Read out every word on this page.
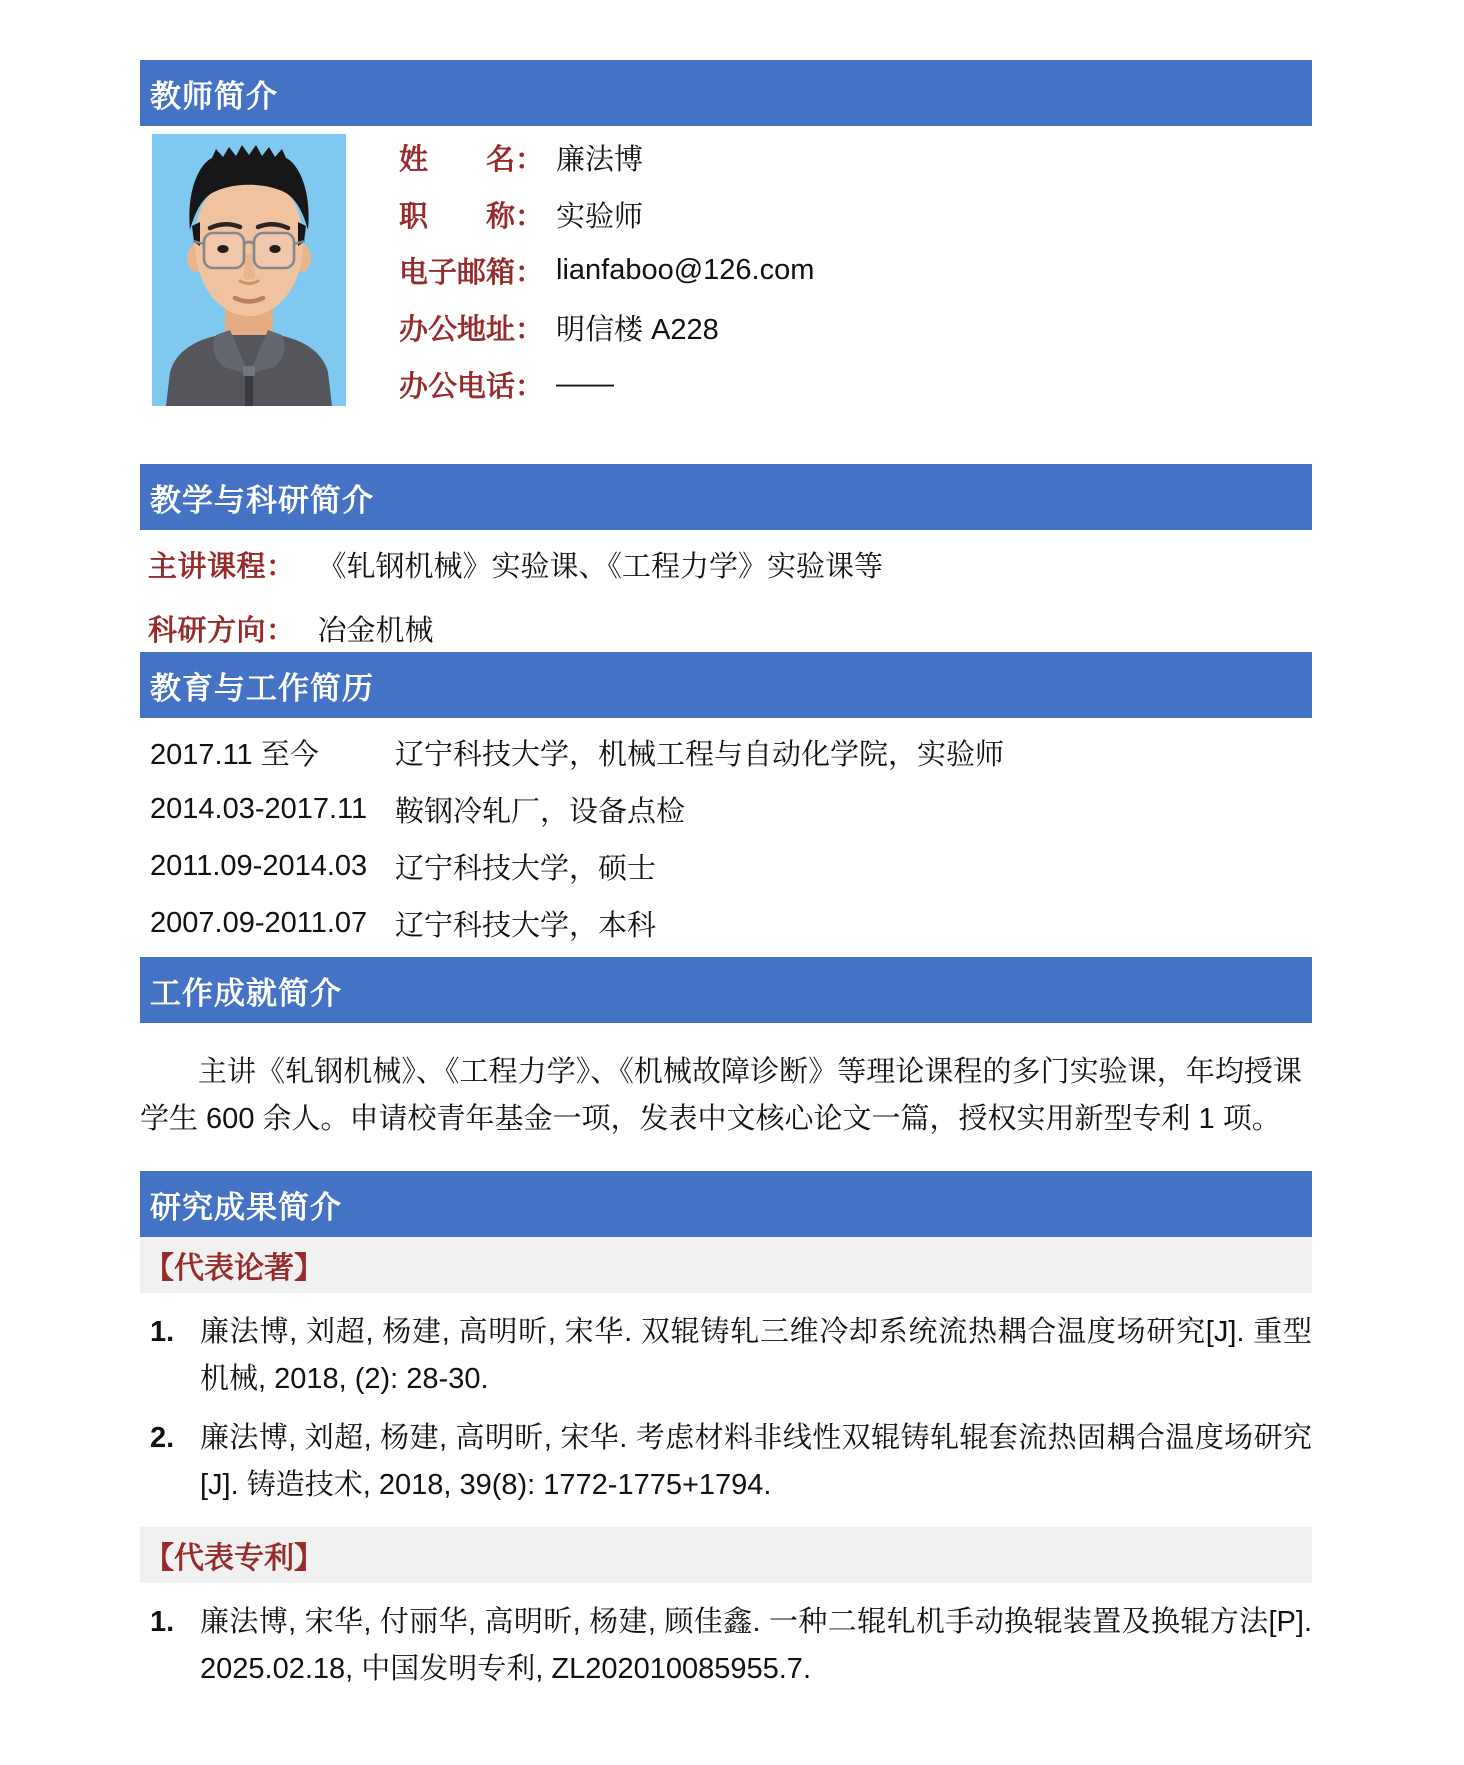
教师简介
姓　　名： 廉法博
职　　称： 实验师
电子邮箱： lianfaboo@126.com
办公地址： 明信楼 A228
办公电话： ——
教学与科研简介
主讲课程： 《轧钢机械》实验课、《工程力学》实验课等
科研方向： 冶金机械
教育与工作简历
2017.11 至今	辽宁科技大学，机械工程与自动化学院，实验师
2014.03-2017.11 鞍钢冷轧厂，设备点检
2011.09-2014.03 辽宁科技大学，硕士
2007.09-2011.07 辽宁科技大学，本科
工作成就简介

主讲《轧钢机械》、《工程力学》、《机械故障诊断》等理论课程的多门实验课，年均授课学生 600 余人。申请校青年基金一项，发表中文核心论文一篇，授权实用新型专利 1 项。

研究成果简介
【代表论著】
1. 廉法博, 刘超, 杨建, 高明昕, 宋华. 双辊铸轧三维冷却系统流热耦合温度场研究[J]. 重型机械, 2018, (2): 28-30.
2. 廉法博, 刘超, 杨建, 高明昕, 宋华. 考虑材料非线性双辊铸轧辊套流热固耦合温度场研究[J]. 铸造技术, 2018, 39(8): 1772-1775+1794.
【代表专利】
1. 廉法博, 宋华, 付丽华, 高明昕, 杨建, 顾佳鑫. 一种二辊轧机手动换辊装置及换辊方法[P]. 2025.02.18, 中国发明专利, ZL202010085955.7.
